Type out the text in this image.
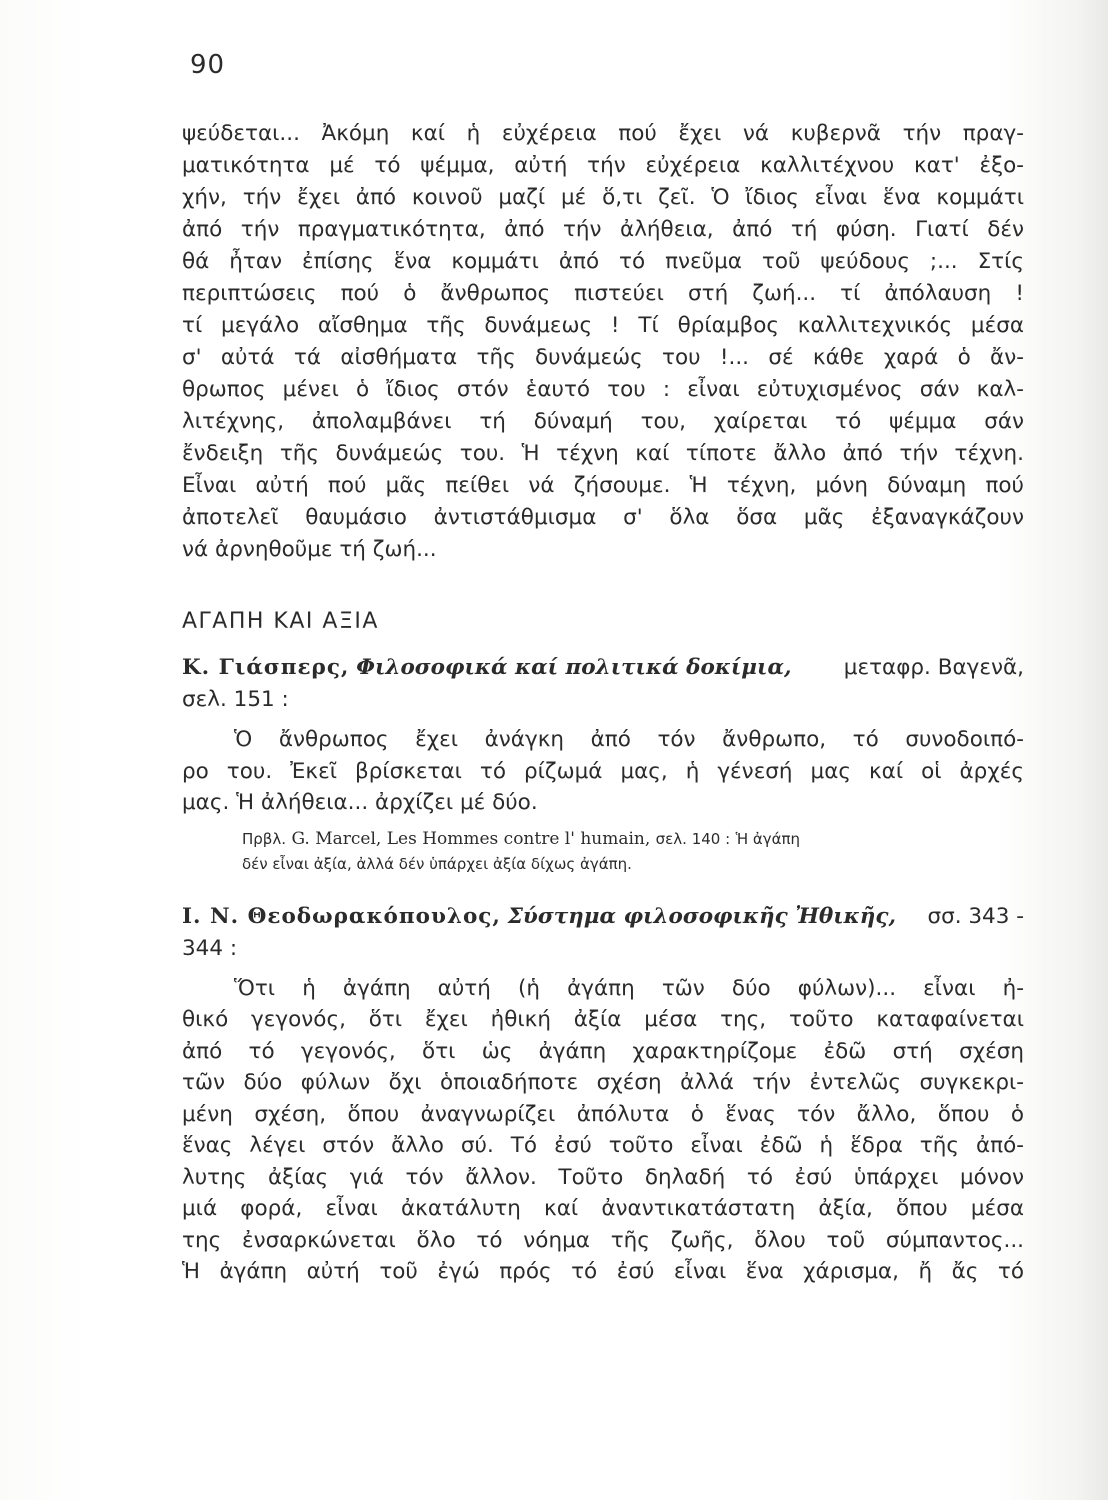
90
ψεύδεται... Ἀκόμη καί ἡ εὐχέρεια πού ἔχει νά κυβερνᾶ τήν πραγ-
ματικότητα μέ τό ψέμμα, αὐτή τήν εὐχέρεια καλλιτέχνου κατ' ἐξο-
χήν, τήν ἔχει ἀπό κοινοῦ μαζί μέ ὅ,τι ζεῖ. Ὁ ἴδιος εἶναι ἕνα κομμάτι
ἀπό τήν πραγματικότητα, ἀπό τήν ἀλήθεια, ἀπό τή φύση. Γιατί δέν
θά ἦταν ἐπίσης ἕνα κομμάτι ἀπό τό πνεῦμα τοῦ ψεύδους ;... Στίς
περιπτώσεις πού ὁ ἄνθρωπος πιστεύει στή ζωή... τί ἀπόλαυση !
τί μεγάλο αἴσθημα τῆς δυνάμεως ! Τί θρίαμβος καλλιτεχνικός μέσα
σ' αὐτά τά αἰσθήματα τῆς δυνάμεώς του !... σέ κάθε χαρά ὁ ἄν-
θρωπος μένει ὁ ἴδιος στόν ἑαυτό του : εἶναι εὐτυχισμένος σάν καλ-
λιτέχνης, ἀπολαμβάνει τή δύναμή του, χαίρεται τό ψέμμα σάν
ἔνδειξη τῆς δυνάμεώς του. Ἡ τέχνη καί τίποτε ἄλλο ἀπό τήν τέχνη.
Εἶναι αὐτή πού μᾶς πείθει νά ζήσουμε. Ἡ τέχνη, μόνη δύναμη πού
ἀποτελεῖ θαυμάσιο ἀντιστάθμισμα σ' ὅλα ὅσα μᾶς ἐξαναγκάζουν
νά ἀρνηθοῦμε τή ζωή...
ΑΓΑΠΗ ΚΑΙ ΑΞΙΑ
Κ. Γιάσπερς, Φιλοσοφικά καί πολιτικά δοκίμια, μεταφρ. Βαγενᾶ,
σελ. 151 :
Ὁ ἄνθρωπος ἔχει ἀνάγκη ἀπό τόν ἄνθρωπο, τό συνοδοιπό-
ρο του. Ἐκεῖ βρίσκεται τό ρίζωμά μας, ἡ γένεσή μας καί οἱ ἀρχές
μας. Ἡ ἀλήθεια... ἀρχίζει μέ δύο.
Πρβλ. G. Marcel, Les Hommes contre l' humain, σελ. 140 : Ἡ ἀγάπη
δέν εἶναι ἀξία, ἀλλά δέν ὑπάρχει ἀξία δίχως ἀγάπη.
Ι. Ν. Θεοδωρακόπουλος, Σύστημα φιλοσοφικῆς Ἠθικῆς, σσ. 343 -
344 :
Ὅτι ἡ ἀγάπη αὐτή (ἡ ἀγάπη τῶν δύο φύλων)... εἶναι ἠ-
θικό γεγονός, ὅτι ἔχει ἠθική ἀξία μέσα της, τοῦτο καταφαίνεται
ἀπό τό γεγονός, ὅτι ὡς ἀγάπη χαρακτηρίζομε ἐδῶ στή σχέση
τῶν δύο φύλων ὄχι ὁποιαδήποτε σχέση ἀλλά τήν ἐντελῶς συγκεκρι-
μένη σχέση, ὅπου ἀναγνωρίζει ἀπόλυτα ὁ ἕνας τόν ἄλλο, ὅπου ὁ
ἕνας λέγει στόν ἄλλο σύ. Τό ἐσύ τοῦτο εἶναι ἐδῶ ἡ ἕδρα τῆς ἀπό-
λυτης ἀξίας γιά τόν ἄλλον. Τοῦτο δηλαδή τό ἐσύ ὑπάρχει μόνον
μιά φορά, εἶναι ἀκατάλυτη καί ἀναντικατάστατη ἀξία, ὅπου μέσα
της ἐνσαρκώνεται ὅλο τό νόημα τῆς ζωῆς, ὅλου τοῦ σύμπαντος...
Ἡ ἀγάπη αὐτή τοῦ ἐγώ πρός τό ἐσύ εἶναι ἕνα χάρισμα, ἤ ἄς τό
